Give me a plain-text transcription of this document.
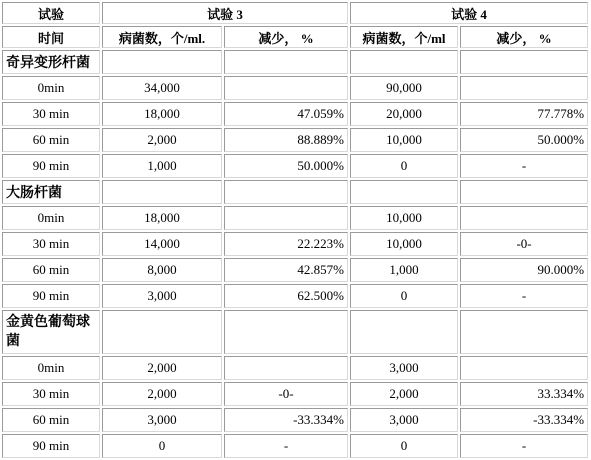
试验	试验 3		试验 4	
时间	病菌数，个/ml.	减少， %	病菌数，个/ml	减少， %
奇异变形杆菌				
0min	34,000		90,000	
30 min	18,000	47.059%	20,000	77.778%
60 min	2,000	88.889%	10,000	50.000%
90 min	1,000	50.000%	0	-
大肠杆菌				
0min	18,000		10,000	
30 min	14,000	22.223%	10,000	-0-
60 min	8,000	42.857%	1,000	90.000%
90 min	3,000	62.500%	0	-
金黄色葡萄球菌				
0min	2,000		3,000	
30 min	2,000	-0-	2,000	33.334%
60 min	3,000	-33.334%	3,000	-33.334%
90 min	0	-	0	-
